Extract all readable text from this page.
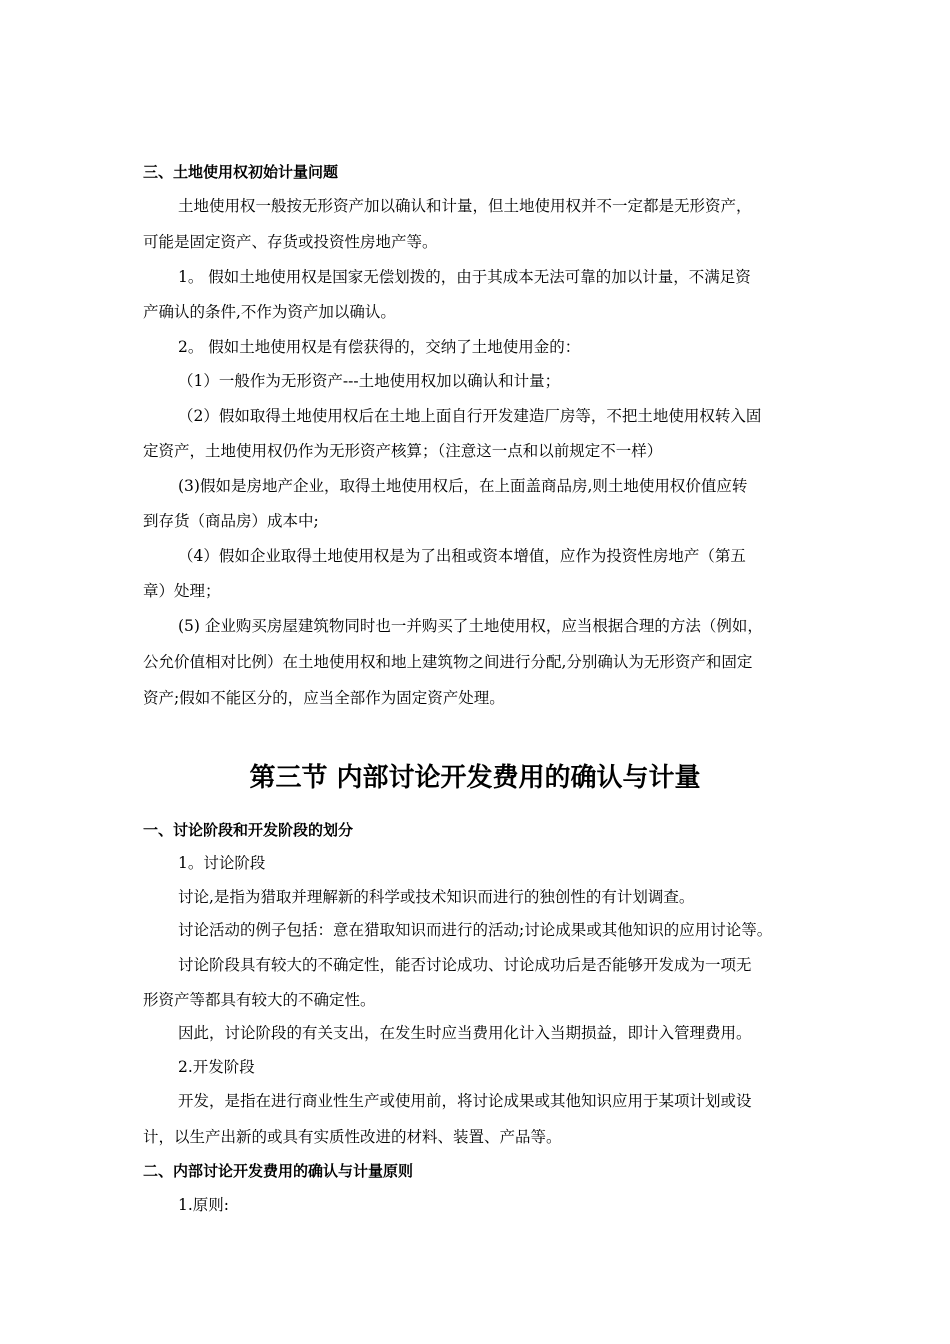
三、土地使用权初始计量问题
土地使用权一般按无形资产加以确认和计量，但土地使用权并不一定都是无形资产，
可能是固定资产、存货或投资性房地产等。
1。 假如土地使用权是国家无偿划拨的，由于其成本无法可靠的加以计量，不满足资
产确认的条件,不作为资产加以确认。
2。 假如土地使用权是有偿获得的，交纳了土地使用金的：
（1）一般作为无形资产---土地使用权加以确认和计量；
（2）假如取得土地使用权后在土地上面自行开发建造厂房等，不把土地使用权转入固
定资产，土地使用权仍作为无形资产核算；（注意这一点和以前规定不一样）
(3)假如是房地产企业，取得土地使用权后，在上面盖商品房,则土地使用权价值应转
到存货（商品房）成本中;
（4）假如企业取得土地使用权是为了出租或资本增值，应作为投资性房地产（第五
章）处理；
(5) 企业购买房屋建筑物同时也一并购买了土地使用权，应当根据合理的方法（例如，
公允价值相对比例）在土地使用权和地上建筑物之间进行分配,分别确认为无形资产和固定
资产;假如不能区分的，应当全部作为固定资产处理。
第三节 内部讨论开发费用的确认与计量
一、讨论阶段和开发阶段的划分
1。讨论阶段
讨论,是指为猎取并理解新的科学或技术知识而进行的独创性的有计划调查。
讨论活动的例子包括：意在猎取知识而进行的活动;讨论成果或其他知识的应用讨论等。
讨论阶段具有较大的不确定性，能否讨论成功、讨论成功后是否能够开发成为一项无
形资产等都具有较大的不确定性。
因此，讨论阶段的有关支出，在发生时应当费用化计入当期损益，即计入管理费用。
2.开发阶段
开发，是指在进行商业性生产或使用前，将讨论成果或其他知识应用于某项计划或设
计，以生产出新的或具有实质性改进的材料、装置、产品等。
二、内部讨论开发费用的确认与计量原则
1.原则:
